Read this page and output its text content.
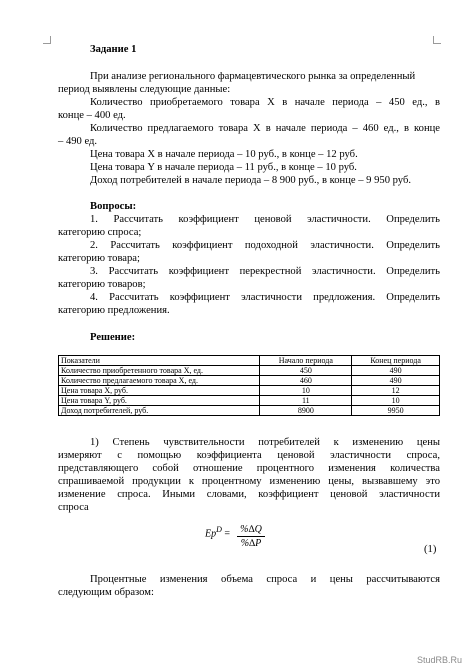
Задание 1
При анализе регионального фармацевтического рынка за определенный
период выявлены следующие данные:
Количество приобретаемого товара X в начале периода – 450 ед., в
конце – 400 ед.
Количество предлагаемого товара X в начале периода – 460 ед., в конце
– 490 ед.
Цена товара X в начале периода – 10 руб., в конце – 12 руб.
Цена товара Y в начале периода – 11 руб., в конце – 10 руб.
Доход потребителей в начале периода – 8 900 руб., в конце – 9 950 руб.
Вопросы:
1. Рассчитать коэффициент ценовой эластичности. Определить
категорию спроса;
2. Рассчитать коэффициент подоходной эластичности. Определить
категорию товара;
3. Рассчитать коэффициент перекрестной эластичности. Определить
категорию товаров;
4. Рассчитать коэффициент эластичности предложения. Определить
категорию предложения.
Решение:
Показатели	Начало периода	Конец периода
Количество приобретенного товара X, ед.	450	490
Количество предлагаемого товара X, ед.	460	490
Цена товара X, руб.	10	12
Цена товара Y, руб.	11	10
Доход потребителей, руб.	8900	9950
1) Степень чувствительности потребителей к изменению цены
измеряют с помощью коэффициента ценовой эластичности спроса,
представляющего собой отношение процентного изменения количества
спрашиваемой продукции к процентному изменению цены, вызвавшему это
изменение спроса. Иными словами, коэффициент ценовой эластичности
спроса
$Ep^D$ =	%∆Q
%∆P
(1)
Процентные изменения объема спроса и цены рассчитываются
следующим образом:
StudRB.Ru
